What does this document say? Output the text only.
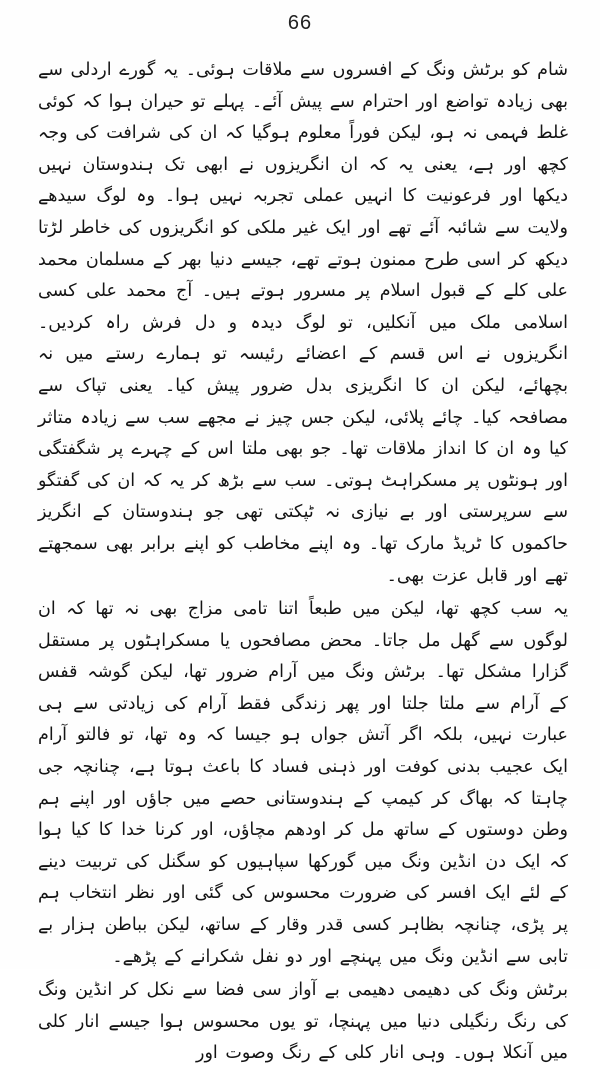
66

شام کو برٹش ونگ کے افسروں سے ملاقات ہوئی۔ یہ گورے اردلی سے بھی زیادہ تواضع اور احترام سے پیش آئے۔ پہلے تو حیران ہوا کہ کوئی غلط فہمی نہ ہو، لیکن فوراً معلوم ہوگیا کہ ان کی شرافت کی وجہ کچھ اور ہے، یعنی یہ کہ ان انگریزوں نے ابھی تک ہندوستان نہیں دیکھا اور فرعونیت کا انہیں عملی تجربہ نہیں ہوا۔ وہ لوگ سیدھے ولایت سے شائبہ آئے تھے اور ایک غیر ملکی کو انگریزوں کی خاطر لڑتا دیکھ کر اسی طرح ممنون ہوتے تھے، جیسے دنیا بھر کے مسلمان محمد علی کلے کے قبول اسلام پر مسرور ہوتے ہیں۔ آج محمد علی کسی اسلامی ملک میں آنکلیں، تو لوگ دیدہ و دل فرش راہ کردیں۔ انگریزوں نے اس قسم کے اعضائے رئیسہ تو ہمارے رستے میں نہ بچھائے، لیکن ان کا انگریزی بدل ضرور پیش کیا۔ یعنی تپاک سے مصافحہ کیا۔ چائے پلائی، لیکن جس چیز نے مجھے سب سے زیادہ متاثر کیا وہ ان کا انداز ملاقات تھا۔ جو بھی ملتا اس کے چہرے پر شگفتگی اور ہونٹوں پر مسکراہٹ ہوتی۔ سب سے بڑھ کر یہ کہ ان کی گفتگو سے سرپرستی اور بے نیازی نہ ٹپکتی تھی جو ہندوستان کے انگریز حاکموں کا ٹریڈ مارک تھا۔ وہ اپنے مخاطب کو اپنے برابر بھی سمجھتے تھے اور قابل عزت بھی۔

یہ سب کچھ تھا، لیکن میں طبعاً اتنا تامی مزاج بھی نہ تھا کہ ان لوگوں سے گھل مل جاتا۔ محض مصافحوں یا مسکراہٹوں پر مستقل گزارا مشکل تھا۔ برٹش ونگ میں آرام ضرور تھا، لیکن گوشہ قفس کے آرام سے ملتا جلتا اور پھر زندگی فقط آرام کی زیادتی سے ہی عبارت نہیں، بلکہ اگر آتش جواں ہو جیسا کہ وہ تھا، تو فالتو آرام ایک عجیب بدنی کوفت اور ذہنی فساد کا باعث ہوتا ہے، چنانچہ جی چاہتا کہ بھاگ کر کیمپ کے ہندوستانی حصے میں جاؤں اور اپنے ہم وطن دوستوں کے ساتھ مل کر اودھم مچاؤں، اور کرنا خدا کا کیا ہوا کہ ایک دن انڈین ونگ میں گورکھا سپاہیوں کو سگنل کی تربیت دینے کے لئے ایک افسر کی ضرورت محسوس کی گئی اور نظر انتخاب ہم پر پڑی، چنانچہ بظاہر کسی قدر وقار کے ساتھ، لیکن بباطن ہزار بے تابی سے انڈین ونگ میں پہنچے اور دو نفل شکرانے کے پڑھے۔

برٹش ونگ کی دھیمی دھیمی بے آواز سی فضا سے نکل کر انڈین ونگ کی رنگ رنگیلی دنیا میں پہنچا، تو یوں محسوس ہوا جیسے انار کلی میں آنکلا ہوں۔ وہی انار کلی کے رنگ وصوت اور
